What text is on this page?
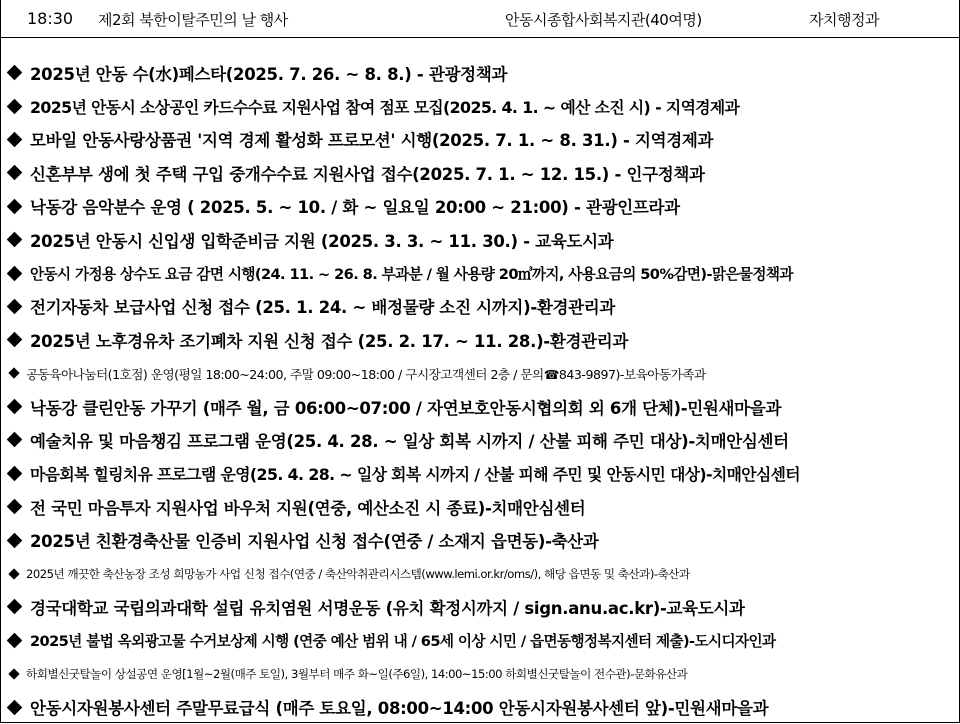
18:30 제2회 북한이탈주민의 날 행사	안동시종합사회복지관(40여명)	자치행정과
2025년 안동 수(水)페스타(2025. 7. 26. ~ 8. 8.) - 관광정책과
2025년 안동시 소상공인 카드수수료 지원사업 참여 점포 모집(2025. 4. 1. ~ 예산 소진 시) - 지역경제과
모바일 안동사랑상품권 '지역 경제 활성화 프로모션' 시행(2025. 7. 1. ~ 8. 31.) - 지역경제과
신혼부부 생에 첫 주택 구입 중개수수료 지원사업 접수(2025. 7. 1. ~ 12. 15.) - 인구정책과
낙동강 음악분수 운영 ( 2025. 5. ~ 10. / 화 ~ 일요일 20:00 ~ 21:00) - 관광인프라과
2025년 안동시 신입생 입학준비금 지원 (2025. 3. 3. ~ 11. 30.) - 교육도시과
안동시 가정용 상수도 요금 감면 시행(24. 11. ~ 26. 8. 부과분 / 월 사용량 20㎥까지, 사용요금의 50%감면)-맑은물정책과
전기자동차 보급사업 신청 접수 (25. 1. 24. ~ 배정물량 소진 시까지)-환경관리과
2025년 노후경유차 조기폐차 지원 신청 접수 (25. 2. 17. ~ 11. 28.)-환경관리과
공동육아나눔터(1호점) 운영(평일 18:00~24:00, 주말 09:00~18:00 / 구시장고객센터 2층 / 문의☎843-9897)-보육아동가족과
낙동강 클린안동 가꾸기 (매주 월, 금 06:00~07:00 / 자연보호안동시협의회 외 6개 단체)-민원새마을과
예술치유 및 마음챙김 프로그램 운영(25. 4. 28. ~ 일상 회복 시까지 / 산불 피해 주민 대상)-치매안심센터
마음회복 힐링치유 프로그램 운영(25. 4. 28. ~ 일상 회복 시까지 / 산불 피해 주민 및 안동시민 대상)-치매안심센터
전 국민 마음투자 지원사업 바우처 지원(연중, 예산소진 시 종료)-치매안심센터
2025년 친환경축산물 인증비 지원사업 신청 접수(연중 / 소재지 읍면동)-축산과
2025년 깨끗한 축산농장 조성 희망농가 사업 신청 접수(연중 / 축산악취관리시스템(www.lemi.or.kr/oms/), 해당 읍면동 및 축산과)-축산과
경국대학교 국립의과대학 설립 유치염원 서명운동 (유치 확정시까지 / sign.anu.ac.kr)-교육도시과
2025년 불법 옥외광고물 수거보상제 시행 (연중 예산 범위 내 / 65세 이상 시민 / 읍면동행정복지센터 제출)-도시디자인과
하회별신굿탈놀이 상설공연 운영[1월~2월(매주 토일), 3월부터 매주 화~일(주6일), 14:00~15:00 하회별신굿탈놀이 전수관)-문화유산과
안동시자원봉사센터 주말무료급식 (매주 토요일, 08:00~14:00 안동시자원봉사센터 앞)-민원새마을과
